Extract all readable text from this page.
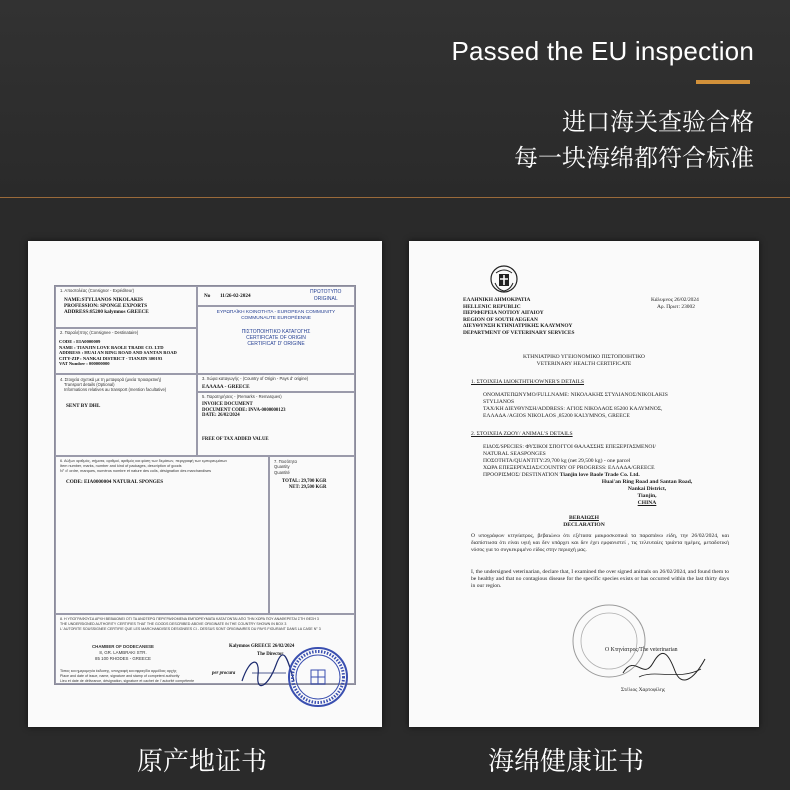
Passed the EU inspection
进口海关查验合格
每一块海绵都符合标准
1. Αποστολέας (Consignor - Expéditeur)
NAME:STYLIANOS NIKOLAKIS
PROFESSION: SPONGE EXPORTS
ADDRESS:85200 kalymnos GREECE
No 11/26-02-2024
ΠΡΩΤΟΤΥΠΟ
ORIGINAL
ΕΥΡΩΠΑΪΚΗ ΚΟΙΝΟΤΗΤΑ - EUROPEAN COMMUNITY
COMMUNAUTE EUROPÉENNE
ΠΙΣΤΟΠΟΙΗΤΙΚΟ ΚΑΤΑΓΩΓΗΣ
CERTIFICATE OF ORIGIN
CERTIFICAT D' ORIGINE
2. Παραλήπτης (Consignee - Destinataire)
CODE : EIA0000009
NAME : TIANJIN LOVE BAOLE TRADE CO. LTD
ADDRESS : HUAI AN RING ROAD AND SANTAN ROAD
CITY-ZIP : NANKAI DISTRICT - TIANJIN 300193
VAT Number : 000000000
3. Χώρα καταγωγής - (Country of Origin - Pays d' origine)
ΕΛΛΑΔΑ - GREECE
4. Στοιχεία σχετικά με τη μεταφορά (μνεία προαιρετική)
Transport details (Optional)
Informations relatives au transport (mention facultative)
SENT BY DHL
5. Παρατηρήσεις - (Remarks - Remarques)
INVOICE DOCUMENT
DOCUMENT CODE: INVA-0000000123
DATE: 26/02/2024
FREE OF TAX ADDED VALUE
6. Αύξων αριθμός, σήματα, αριθμοί, αριθμός και φύση των δεμάτων, περιγραφή των εμπορευμάτων
Item number, marks, number and kind of packages, description of goods
N° d' ordre, marques, numéros nombre et nature des colis, désignation des marchandises
CODE: EIA0000004 NATURAL SPONGES
7. Ποσότητα
Quantity
Quantité
TOTAL: 29,700 KGR
NET: 29,500 KGR
8. Η ΥΠΟΓΡΑΦΟΥΣΑ ΑΡΧΗ ΒΕΒΑΙΩΝΕΙ ΟΤΙ ΤΑ ΑΝΩΤΕΡΩ ΠΕΡΙΓΡΑΦΟΜΕΝΑ ΕΜΠΟΡΕΥΜΑΤΑ ΚΑΤΑΓΟΝΤΑΙ ΑΠΟ ΤΗΝ ΧΩΡΑ ΠΟΥ ΑΝΑΦΕΡΕΤΑΙ ΣΤΗ ΘΕΣΗ 3
THE UNDERSIGNED AUTHORITY CERTIFIES THAT THE GOODS DESCRIBED ABOVE ORIGINATE IN THE COUNTRY SHOWN IN BOX 3
L' AUTORITE SOUSSIGNEE CERTIFIE QUE LES MARCHANDISES DESIGNEES CI - DESSUS SONT ORIGINAIRES DU PAYS FIGURANT DANS LA CASE N° 3
CHAMBER OF DODECANESE
8, GR. LAMBRAKI STR.
85 100 RHODES - GREECE
Τόπος και ημερομηνία έκδοσης, υπογραφή και σφραγίδα αρμόδιας αρχής
Place and date of issue, name, signature and stamp of competent authority
Lieu et date de délivrance, désignation, signature et cachet de l' autorité compétente
Kalymnos GREECE 26/02/2024
The Director
per procura
ΕΛΛΗΝΙΚΗ ΔΗΜΟΚΡΑΤΙΑ
HELLENIC REPUBLIC
ΠΕΡΙΦΕΡΕΙΑ ΝΟΤΙΟΥ ΑΙΓΑΙΟΥ
REGION OF SOUTH AEGEAN
ΔΙΕΥΘΥΝΣΗ ΚΤΗΝΙΑΤΡΙΚΗΣ ΚΑΛΥΜΝΟΥ
DEPARTMENT OF VETERINARY SERVICES
Κάλυμνος 26/02/2024
Αρ. Πρωτ: 23002
ΚΤΗΝΙΑΤΡΙΚΟ ΥΓΕΙΟΝΟΜΙΚΟ ΠΙΣΤΟΠΟΙΗΤΙΚΟ
VETERINARY HEALTH CERTIFICATE
1. ΣΤΟΙΧΕΙΑ ΙΔΙΟΚΤΗΤΗ/OWNER'S DETAILS
ΟΝΟΜΑΤΕΠΩΝΥΜΟ/FULLNAME: ΝΙΚΟΛΑΚΗΣ ΣΤΥΛΙΑΝΟΣ/NIKOLAKIS
STYLIANOS
ΤΑΧ/ΚΗ ΔΙΕΥΘΥΝΣΗ/ADDRESS: ΑΓΙΟΣ ΝΙΚΟΛΑΟΣ 85200 ΚΑΛΥΜΝΟΣ,
ΕΛΛΑΔΑ /AGIOS NIKOLAOS ,85200 KALYMNOS, GREECE
2. ΣΤΟΙΧΕΙΑ ΖΩΟΥ/ ANIMAL'S DETAILS
ΕΙΔΟΣ/SPECIES: ΦΥΣΙΚΟΙ ΣΠΟΓΓΟΙ ΘΑΛΑΣΣΗΣ ΕΠΕΞΕΡΓΑΣΜΕΝΟΙ/
NATURAL SEASPONGES
ΠΟΣΟΤΗΤΑ/QUANTITY:29,700 kg (net 29,500 kg) - one parcel
ΧΩΡΑ ΕΠΕΞΕΡΓΑΣΙΑΣ/COUNTRY OF PROGRESS: ΕΛΛΑΔΑ/GREECE
ΠΡΟΟΡΙΣΜΟΣ/ DESTINATION Tianjin love Baole Trade Co. Ltd.
Huai'an Ring Road and Santan Road,
Nankai District,
Tianjin,
CHINA
ΒΕΒΑΙΩΣΗ
DECLARATION
Ο υπογράφων κτηνίατρος, βεβαιώνω ότι εξέτασα μακροσκοπικά τα παραπάνω είδη, την 26/02/2024, και διαπίστωσα ότι είναι υγιή και δεν υπάρχει και δεν έχει εμφανιστεί , τις τελευταίες τριάντα ημέρες, μεταδοτική νόσος για το συγκεκριμένο είδος στην περιοχή μας.
I, the undersigned veterinarian, declare that, I examined the over signed animals on 26/02/2024, and found them to be healthy and that no contagious disease for the specific species exists or has occurred within the last thirty days in our region.
Ο Κτηνίατρος/The veterinarian
Στέλιος Χαρτοφίλης
原产地证书	海绵健康证书
